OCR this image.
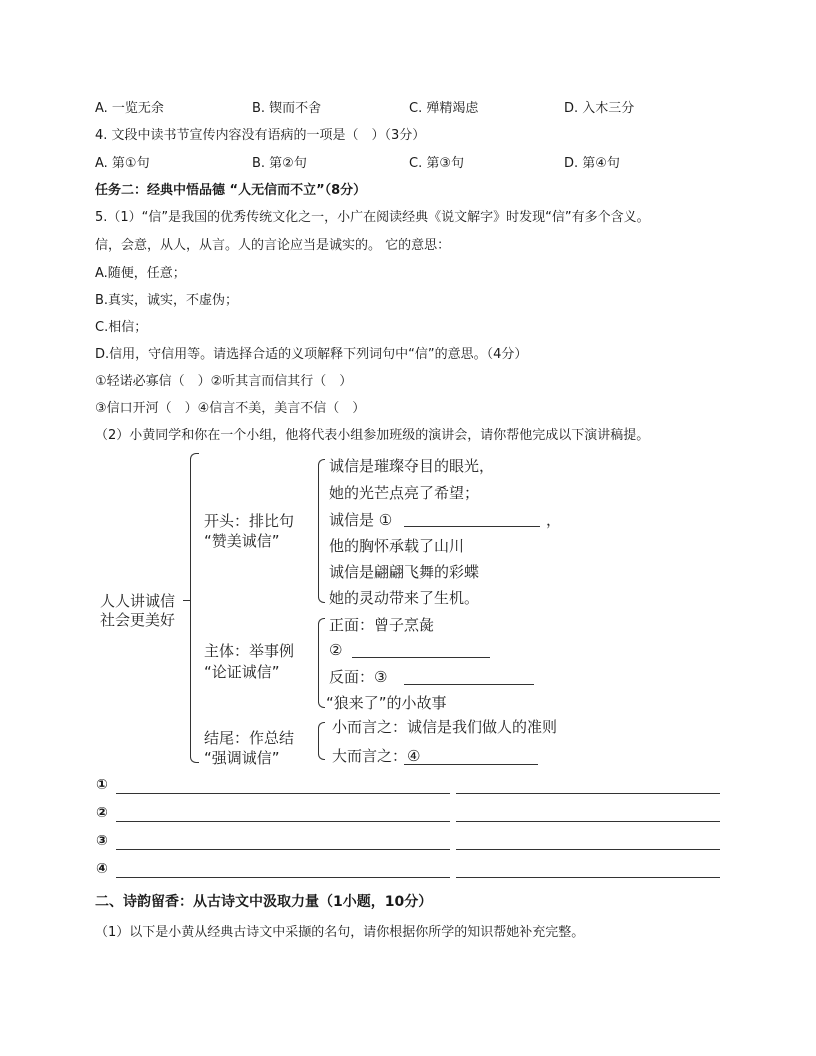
A. 一览无余	B. 锲而不舍	C. 殚精竭虑	D. 入木三分
4. 文段中读书节宣传内容没有语病的一项是（　）（3分）
A. 第①句	B. 第②句	C. 第③句	D. 第④句
任务二：经典中悟品德 “人无信而不立”（8分）
5.（1）“信”是我国的优秀传统文化之一，小广在阅读经典《说文解字》时发现“信”有多个含义。
信，会意，从人，从言。人的言论应当是诚实的。 它的意思：
A.随便，任意；
B.真实，诚实，不虚伪；
C.相信；
D.信用，守信用等。请选择合适的义项解释下列词句中“信”的意思。（4分）
①轻诺必寡信（　）②听其言而信其行（　）
③信口开河（　）④信言不美，美言不信（　）
（2）小黄同学和你在一个小组，他将代表小组参加班级的演讲会，请你帮他完成以下演讲稿提。
人人讲诚信
社会更美好
开头：排比句
“赞美诚信”
诚信是璀璨夺目的眼光，
她的光芒点亮了希望；
诚信是 ①	，
他的胸怀承载了山川
诚信是翩翩飞舞的彩蝶
她的灵动带来了生机。
主体：举事例
“论证诚信”
正面：曾子烹彘
②
反面：③
“狼来了”的小故事
结尾：作总结
“强调诚信”
小而言之：诚信是我们做人的准则
大而言之：④
①
②
③
④
二、诗韵留香：从古诗文中汲取力量（1小题，10分）
（1）以下是小黄从经典古诗文中采撷的名句，请你根据你所学的知识帮她补充完整。
